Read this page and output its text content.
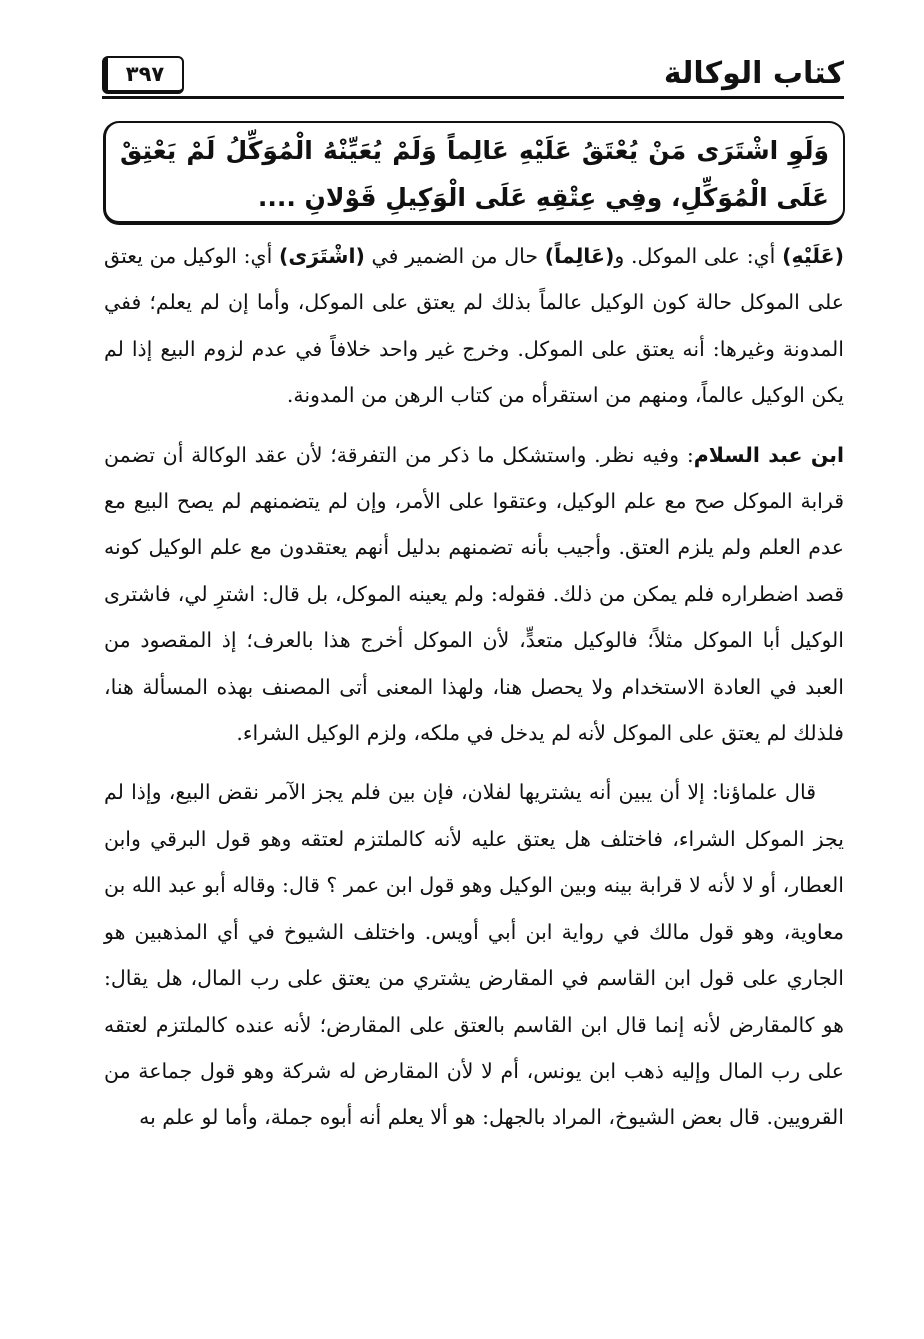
كتاب الوكالة
٣٩٧
وَلَوِ اشْتَرَى مَنْ يُعْتَقُ عَلَيْهِ عَالِماً وَلَمْ يُعَيِّنْهُ الْمُوَكِّلُ لَمْ يَعْتِقْ عَلَى الْمُوَكِّلِ، وفِي عِتْقِهِ عَلَى الْوَكِيلِ قَوْلانِ ....

(عَلَيْهِ) أي: على الموكل. و(عَالِماً) حال من الضمير في (اشْتَرَى) أي: الوكيل من يعتق على الموكل حالة كون الوكيل عالماً بذلك لم يعتق على الموكل، وأما إن لم يعلم؛ ففي المدونة وغيرها: أنه يعتق على الموكل. وخرج غير واحد خلافاً في عدم لزوم البيع إذا لم يكن الوكيل عالماً، ومنهم من استقرأه من كتاب الرهن من المدونة.

ابن عبد السلام: وفيه نظر. واستشكل ما ذكر من التفرقة؛ لأن عقد الوكالة أن تضمن قرابة الموكل صح مع علم الوكيل، وعتقوا على الأمر، وإن لم يتضمنهم لم يصح البيع مع عدم العلم ولم يلزم العتق. وأجيب بأنه تضمنهم بدليل أنهم يعتقدون مع علم الوكيل كونه قصد اضطراره فلم يمكن من ذلك. فقوله: ولم يعينه الموكل، بل قال: اشترِ لي، فاشترى الوكيل أبا الموكل مثلاً؛ فالوكيل متعدٍّ، لأن الموكل أخرج هذا بالعرف؛ إذ المقصود من العبد في العادة الاستخدام ولا يحصل هنا، ولهذا المعنى أتى المصنف بهذه المسألة هنا، فلذلك لم يعتق على الموكل لأنه لم يدخل في ملكه، ولزم الوكيل الشراء.

قال علماؤنا: إلا أن يبين أنه يشتريها لفلان، فإن بين فلم يجز الآمر نقض البيع، وإذا لم يجز الموكل الشراء، فاختلف هل يعتق عليه لأنه كالملتزم لعتقه وهو قول البرقي وابن العطار، أو لا لأنه لا قرابة بينه وبين الوكيل وهو قول ابن عمر ؟ قال: وقاله أبو عبد الله بن معاوية، وهو قول مالك في رواية ابن أبي أويس. واختلف الشيوخ في أي المذهبين هو الجاري على قول ابن القاسم في المقارض يشتري من يعتق على رب المال، هل يقال: هو كالمقارض لأنه إنما قال ابن القاسم بالعتق على المقارض؛ لأنه عنده كالملتزم لعتقه على رب المال وإليه ذهب ابن يونس، أم لا لأن المقارض له شركة وهو قول جماعة من القرويين. قال بعض الشيوخ، المراد بالجهل: هو ألا يعلم أنه أبوه جملة، وأما لو علم به
